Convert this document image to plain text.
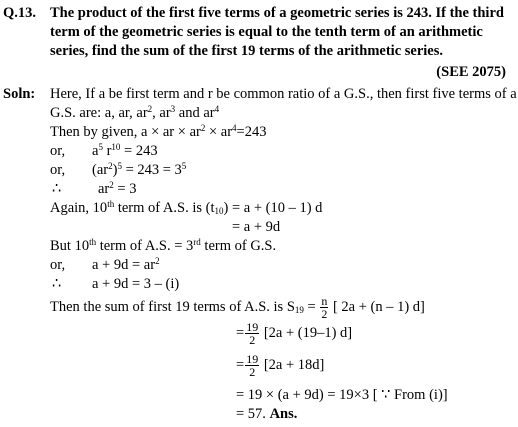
Q.13. The product of the first five terms of a geometric series is 243. If the third
term of the geometric series is equal to the tenth term of an arithmetic
series, find the sum of the first 19 terms of the arithmetic series.
(SEE 2075)
Soln: Here, If a be first term and r be common ratio of a G.S., then first five terms of a
G.S. are: a, ar, $ar^2$, $ar^3$ and $ar^4$
Then by given, a × ar × $ar^2 \times ar^4=243$
or, $a^5$ $r^{10} = 243$
or, $(ar^2)^5 = 243 = 3^5$
∴	$ar^2 = 3$
Again, 10th term of A.S. is $(t_{10}) = a + (10 - 1)$ d
= a + 9d
But 10th term of A.S. = 3rd term of G.S.
or, $a + 9d = ar^2$
∴ a + 9d = 3 – (i)
Then the sum of first 19 terms of A.S. is $S_{19} = \frac{n}{2}$ [ 2a + (n – 1) d]
= $\frac{19}{2} [2a + (19-1)$ d]
= $\frac{19}{2} [2a + 18d]$
= 19 × (a + 9d) = 19×3 [ ∵ From (i)]
= 57. Ans.
